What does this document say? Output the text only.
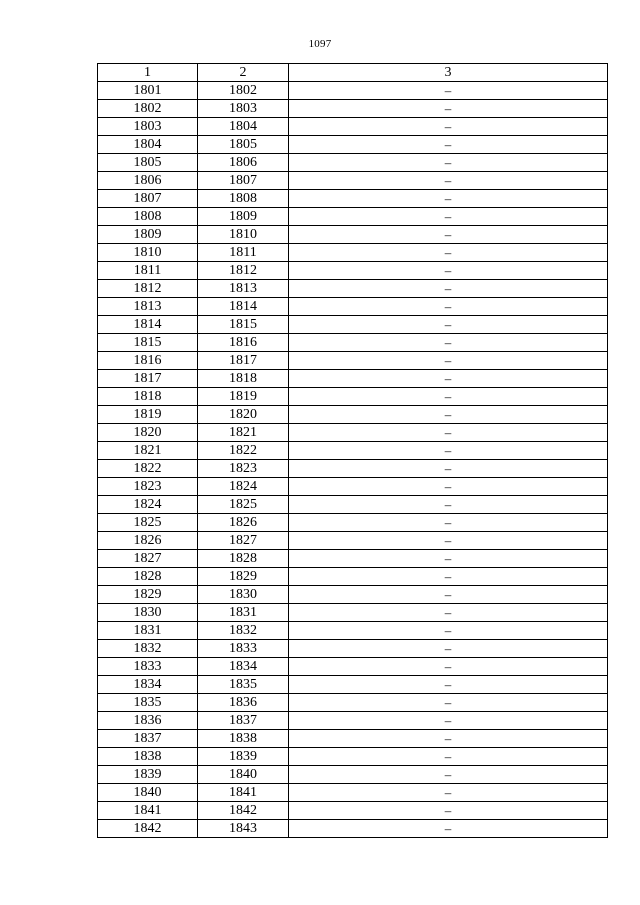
1097
1	2	3
1801	1802	–
1802	1803	–
1803	1804	–
1804	1805	–
1805	1806	–
1806	1807	–
1807	1808	–
1808	1809	–
1809	1810	–
1810	1811	–
1811	1812	–
1812	1813	–
1813	1814	–
1814	1815	–
1815	1816	–
1816	1817	–
1817	1818	–
1818	1819	–
1819	1820	–
1820	1821	–
1821	1822	–
1822	1823	–
1823	1824	–
1824	1825	–
1825	1826	–
1826	1827	–
1827	1828	–
1828	1829	–
1829	1830	–
1830	1831	–
1831	1832	–
1832	1833	–
1833	1834	–
1834	1835	–
1835	1836	–
1836	1837	–
1837	1838	–
1838	1839	–
1839	1840	–
1840	1841	–
1841	1842	–
1842	1843	–
